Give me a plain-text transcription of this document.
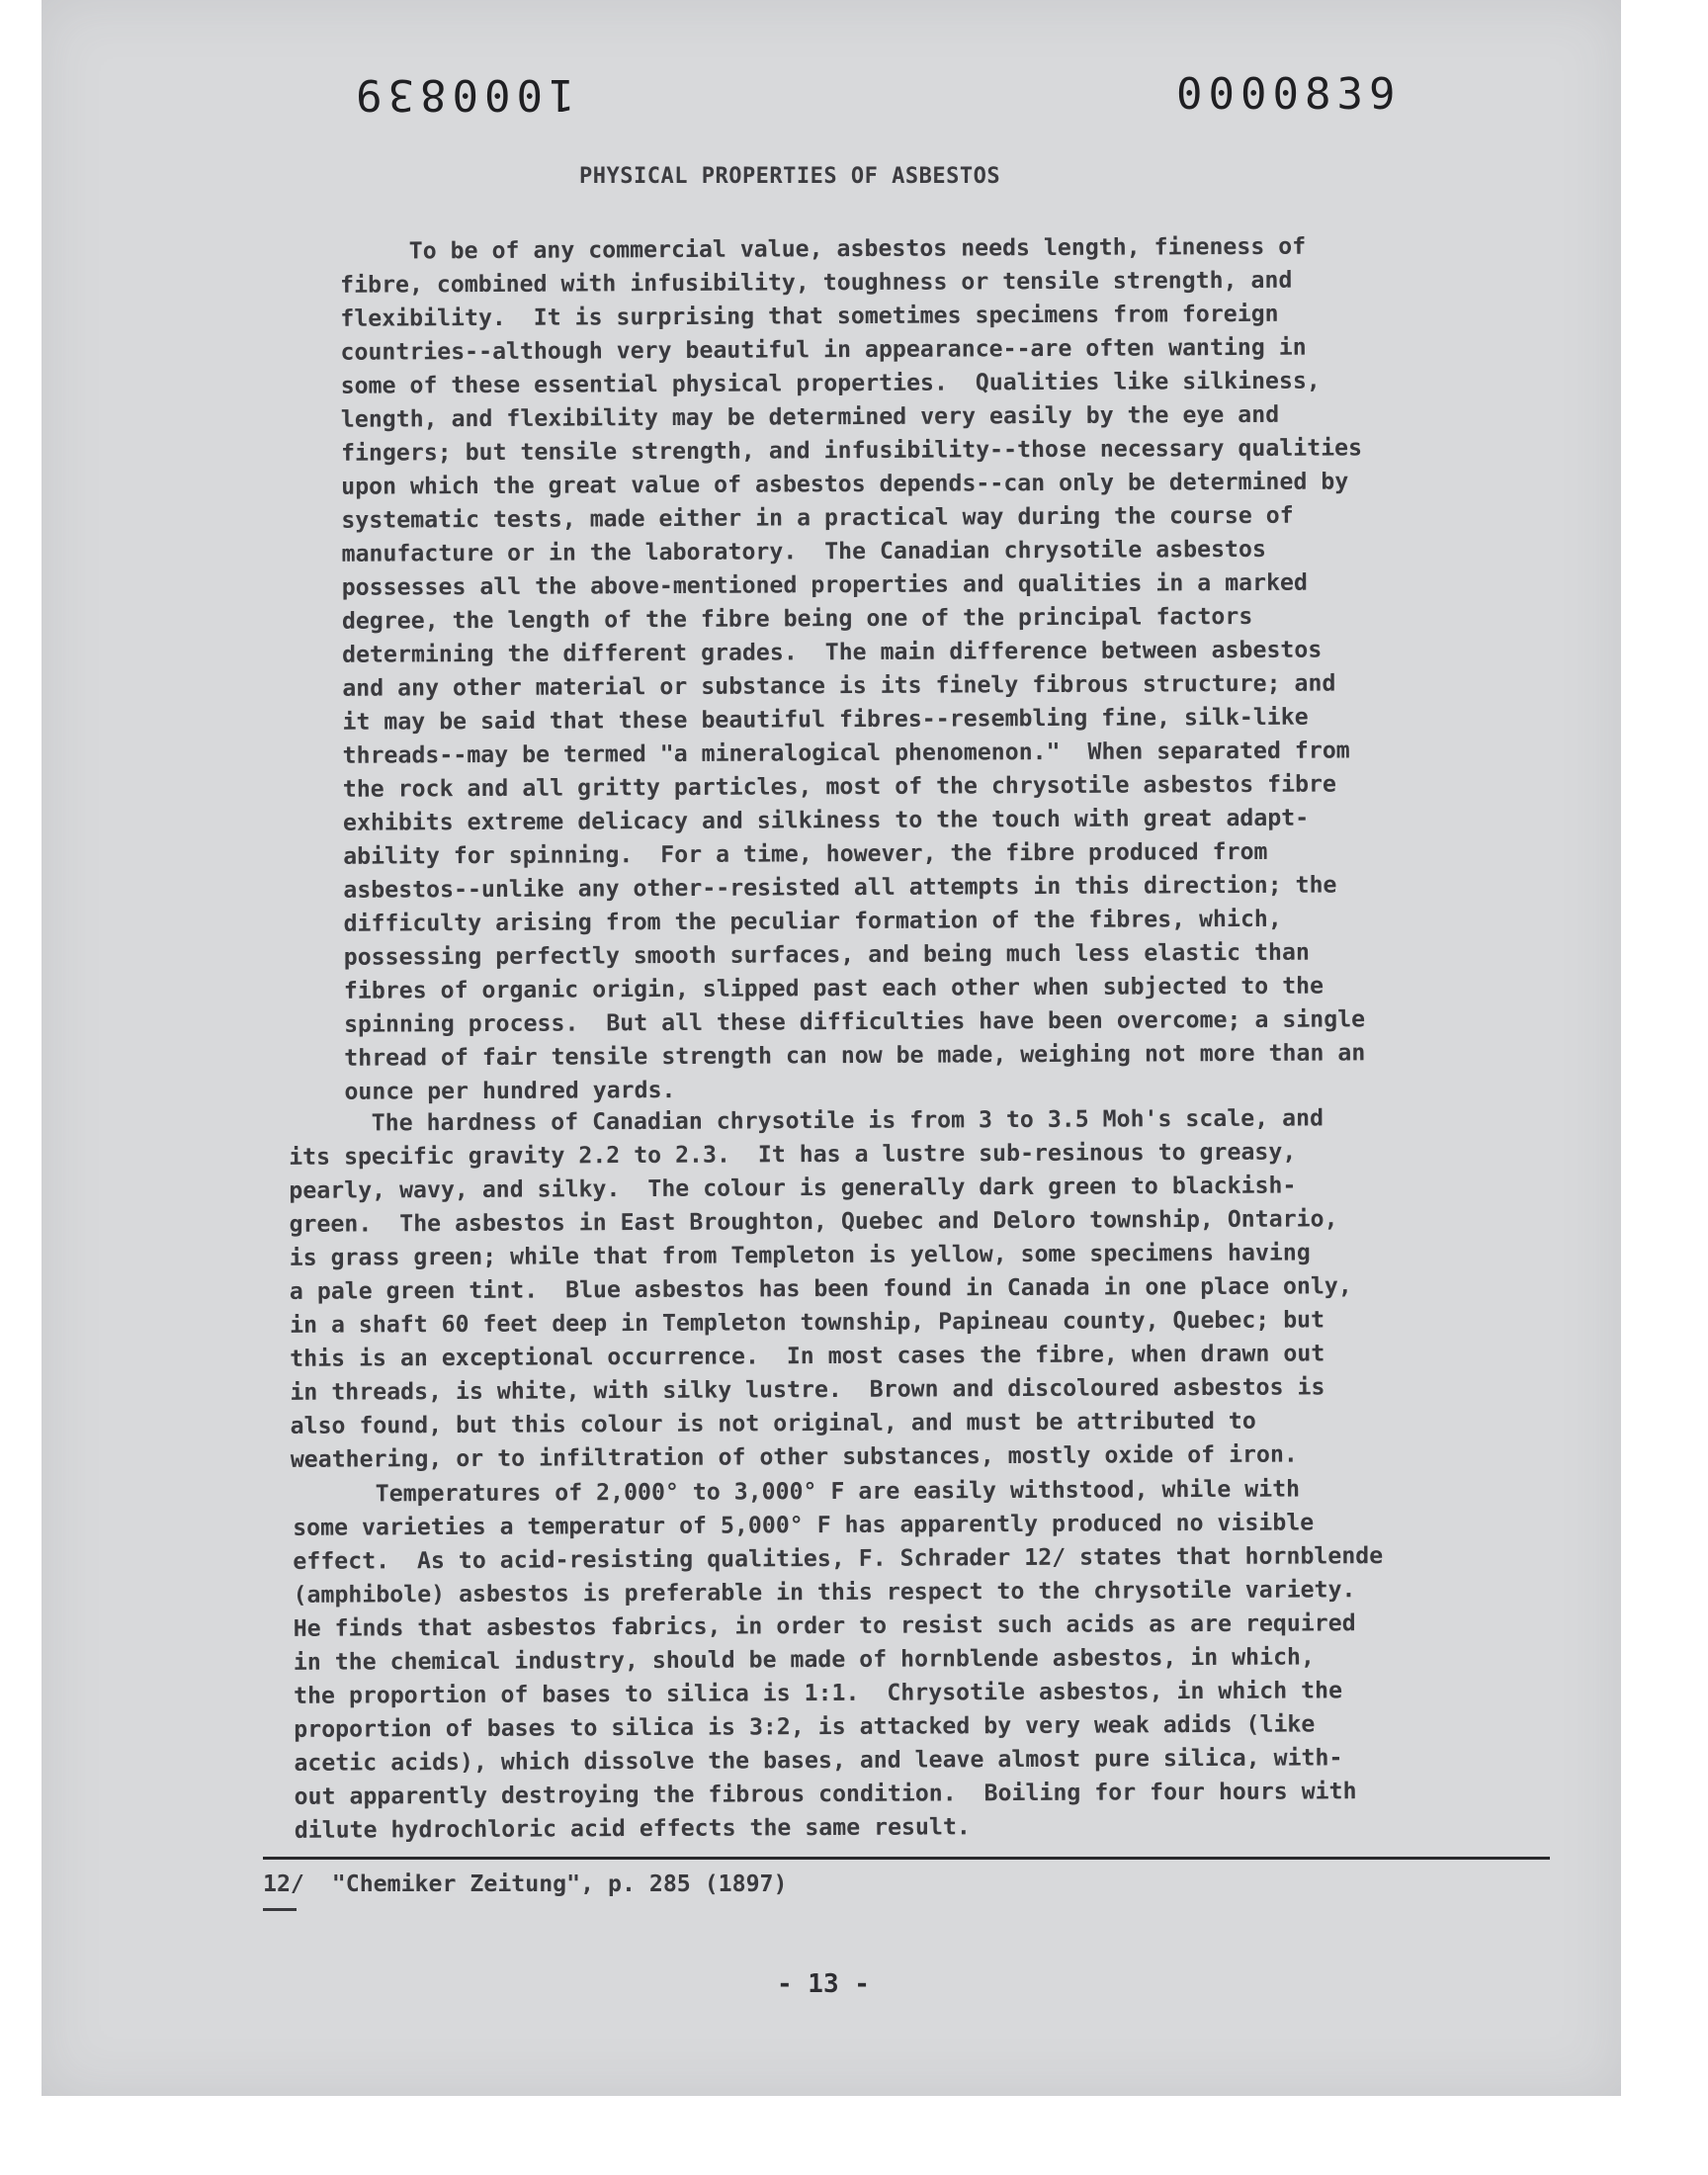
1000839	0000839
PHYSICAL PROPERTIES OF ASBESTOS
To be of any commercial value, asbestos needs length, fineness of
fibre, combined with infusibility, toughness or tensile strength, and
flexibility.  It is surprising that sometimes specimens from foreign
countries--although very beautiful in appearance--are often wanting in
some of these essential physical properties.  Qualities like silkiness,
length, and flexibility may be determined very easily by the eye and
fingers; but tensile strength, and infusibility--those necessary qualities
upon which the great value of asbestos depends--can only be determined by
systematic tests, made either in a practical way during the course of
manufacture or in the laboratory.  The Canadian chrysotile asbestos
possesses all the above-mentioned properties and qualities in a marked
degree, the length of the fibre being one of the principal factors
determining the different grades.  The main difference between asbestos
and any other material or substance is its finely fibrous structure; and
it may be said that these beautiful fibres--resembling fine, silk-like
threads--may be termed "a mineralogical phenomenon."  When separated from
the rock and all gritty particles, most of the chrysotile asbestos fibre
exhibits extreme delicacy and silkiness to the touch with great adapt-
ability for spinning.  For a time, however, the fibre produced from
asbestos--unlike any other--resisted all attempts in this direction; the
difficulty arising from the peculiar formation of the fibres, which,
possessing perfectly smooth surfaces, and being much less elastic than
fibres of organic origin, slipped past each other when subjected to the
spinning process.  But all these difficulties have been overcome; a single
thread of fair tensile strength can now be made, weighing not more than an
ounce per hundred yards.
The hardness of Canadian chrysotile is from 3 to 3.5 Moh's scale, and
its specific gravity 2.2 to 2.3.  It has a lustre sub-resinous to greasy,
pearly, wavy, and silky.  The colour is generally dark green to blackish-
green.  The asbestos in East Broughton, Quebec and Deloro township, Ontario,
is grass green; while that from Templeton is yellow, some specimens having
a pale green tint.  Blue asbestos has been found in Canada in one place only,
in a shaft 60 feet deep in Templeton township, Papineau county, Quebec; but
this is an exceptional occurrence.  In most cases the fibre, when drawn out
in threads, is white, with silky lustre.  Brown and discoloured asbestos is
also found, but this colour is not original, and must be attributed to
weathering, or to infiltration of other substances, mostly oxide of iron.
Temperatures of 2,000° to 3,000° F are easily withstood, while with
some varieties a temperatur of 5,000° F has apparently produced no visible
effect.  As to acid-resisting qualities, F. Schrader 12/ states that hornblende
(amphibole) asbestos is preferable in this respect to the chrysotile variety.
He finds that asbestos fabrics, in order to resist such acids as are required
in the chemical industry, should be made of hornblende asbestos, in which,
the proportion of bases to silica is 1:1.  Chrysotile asbestos, in which the
proportion of bases to silica is 3:2, is attacked by very weak adids (like
acetic acids), which dissolve the bases, and leave almost pure silica, with-
out apparently destroying the fibrous condition.  Boiling for four hours with
dilute hydrochloric acid effects the same result.
12/  "Chemiker Zeitung", p. 285 (1897)
- 13 -
